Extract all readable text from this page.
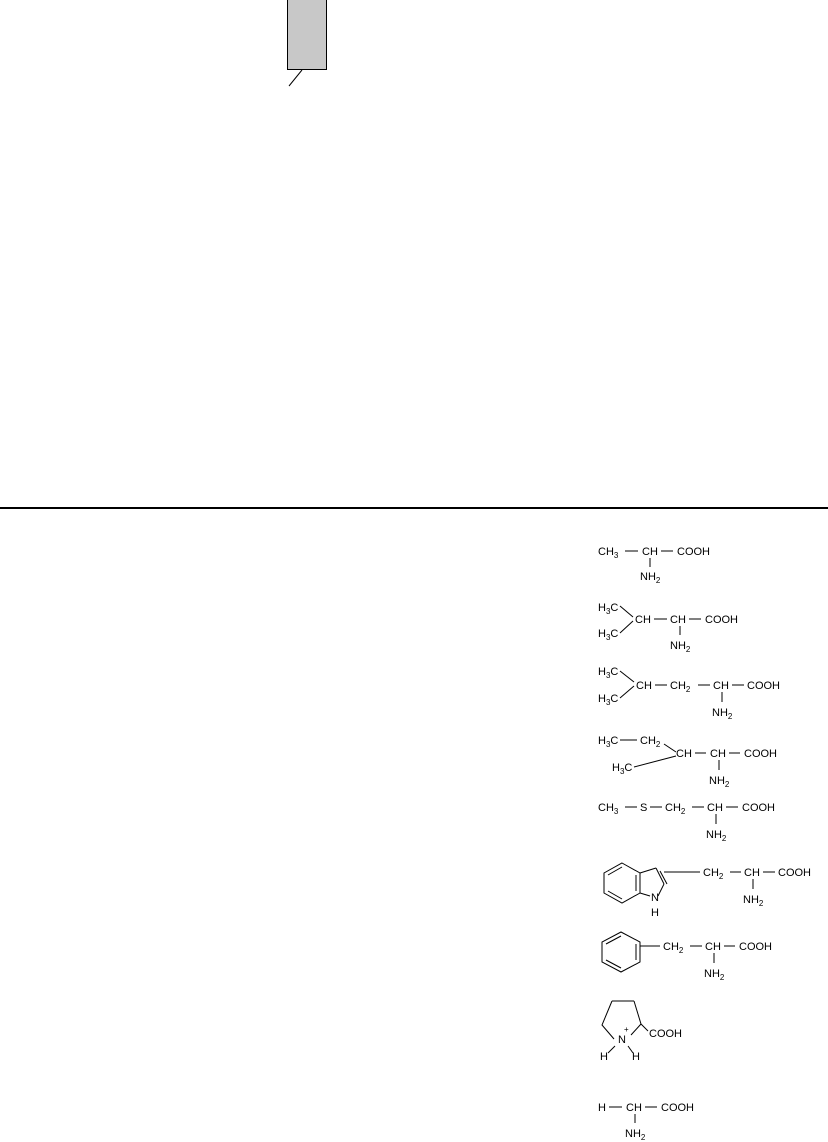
$CH_3$ CH COOH
$NH_2$
$H_3C$
$H_3C$
CH CH COOH
$NH_2$
$H_3C$
$H_3C$
CH $CH_2$ CH COOH
$NH_2$
$H_3C$ $CH_2$
$H_3C$
CH CH COOH
$NH_2$
$CH_3$ S $CH_2$ CH COOH
$NH_2$
N
H
$CH_2$ CH COOH
$NH_2$
$CH_2$ CH COOH
$NH_2$
N
+ COOH
H H
H CH COOH
$NH_2$
